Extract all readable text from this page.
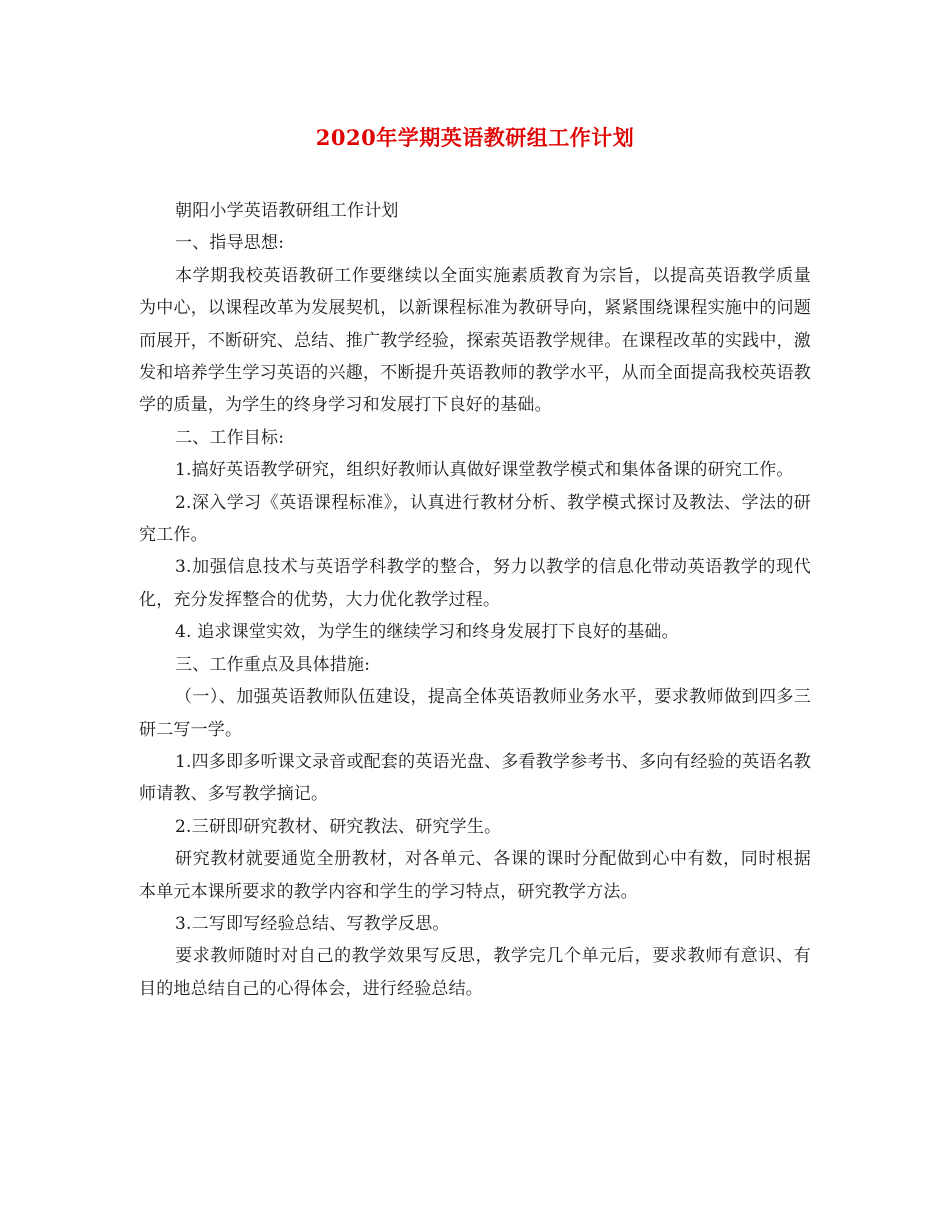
2020年学期英语教研组工作计划

朝阳小学英语教研组工作计划

一、指导思想:

本学期我校英语教研工作要继续以全面实施素质教育为宗旨，以提高英语教学质量为中心，以课程改革为发展契机，以新课程标准为教研导向，紧紧围绕课程实施中的问题而展开，不断研究、总结、推广教学经验，探索英语教学规律。在课程改革的实践中，激发和培养学生学习英语的兴趣，不断提升英语教师的教学水平，从而全面提高我校英语教学的质量，为学生的终身学习和发展打下良好的基础。

二、工作目标:

1.搞好英语教学研究，组织好教师认真做好课堂教学模式和集体备课的研究工作。

2.深入学习《英语课程标准》，认真进行教材分析、教学模式探讨及教法、学法的研究工作。

3.加强信息技术与英语学科教学的整合，努力以教学的信息化带动英语教学的现代化，充分发挥整合的优势，大力优化教学过程。

4. 追求课堂实效，为学生的继续学习和终身发展打下良好的基础。

三、工作重点及具体措施:

（一）、加强英语教师队伍建设，提高全体英语教师业务水平，要求教师做到四多三研二写一学。

1.四多即多听课文录音或配套的英语光盘、多看教学参考书、多向有经验的英语名教师请教、多写教学摘记。

2.三研即研究教材、研究教法、研究学生。

研究教材就要通览全册教材，对各单元、各课的课时分配做到心中有数，同时根据本单元本课所要求的教学内容和学生的学习特点，研究教学方法。

3.二写即写经验总结、写教学反思。

要求教师随时对自己的教学效果写反思，教学完几个单元后，要求教师有意识、有目的地总结自己的心得体会，进行经验总结。
